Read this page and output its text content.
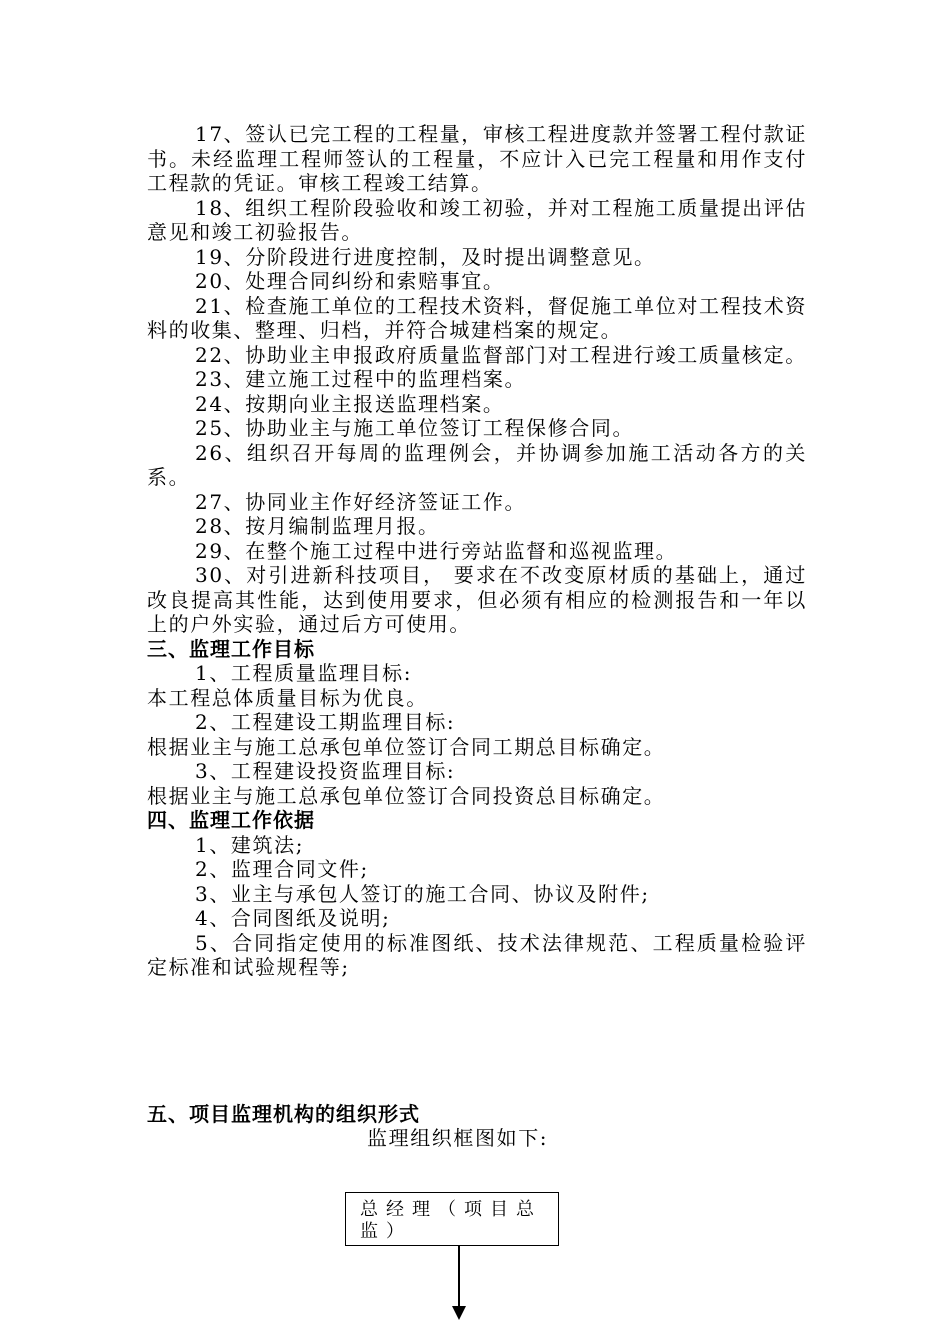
17、签认已完工程的工程量，审核工程进度款并签署工程付款证书。未经监理工程师签认的工程量，不应计入已完工程量和用作支付工程款的凭证。审核工程竣工结算。

18、组织工程阶段验收和竣工初验，并对工程施工质量提出评估意见和竣工初验报告。

19、分阶段进行进度控制，及时提出调整意见。

20、处理合同纠纷和索赔事宜。

21、检查施工单位的工程技术资料，督促施工单位对工程技术资料的收集、整理、归档，并符合城建档案的规定。

22、协助业主申报政府质量监督部门对工程进行竣工质量核定。

23、建立施工过程中的监理档案。

24、按期向业主报送监理档案。

25、协助业主与施工单位签订工程保修合同。

26、组织召开每周的监理例会，并协调参加施工活动各方的关系。

27、协同业主作好经济签证工作。

28、按月编制监理月报。

29、在整个施工过程中进行旁站监督和巡视监理。

30、对引进新科技项目， 要求在不改变原材质的基础上，通过改良提高其性能，达到使用要求，但必须有相应的检测报告和一年以上的户外实验，通过后方可使用。

三、监理工作目标

1、工程质量监理目标:

本工程总体质量目标为优良。

2、工程建设工期监理目标:

根据业主与施工总承包单位签订合同工期总目标确定。

3、工程建设投资监理目标:

根据业主与施工总承包单位签订合同投资总目标确定。

四、监理工作依据

1、建筑法;

2、监理合同文件;

3、业主与承包人签订的施工合同、协议及附件;

4、合同图纸及说明;

5、合同指定使用的标准图纸、技术法律规范、工程质量检验评定标准和试验规程等;

五、项目监理机构的组织形式

监理组织框图如下:

总经理（项目总监）
